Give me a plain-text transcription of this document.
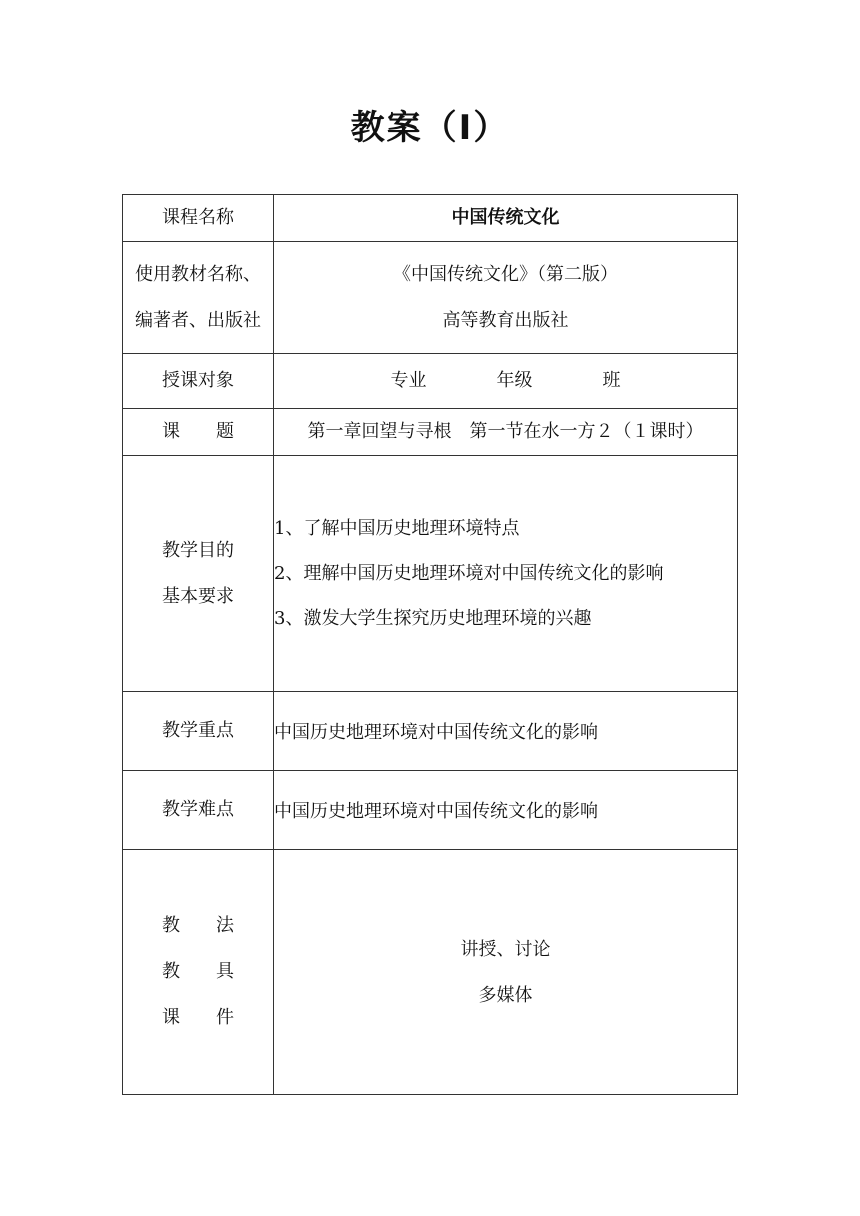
教案（Ⅰ）
课程名称	中国传统文化

使用教材名称、
编著者、出版社	《中国传统文化》（第二版）
高等教育出版社

授课对象	专业 年级 班
课　　题	第一章回望与寻根　第一节在水一方２（１课时）

教学目的
基本要求	1、了解中国历史地理环境特点
2、理解中国历史地理环境对中国传统文化的影响
3、激发大学生探究历史地理环境的兴趣

教学重点	中国历史地理环境对中国传统文化的影响
教学难点	中国历史地理环境对中国传统文化的影响

教　　法
教　　具
课　　件	讲授、讨论
多媒体
